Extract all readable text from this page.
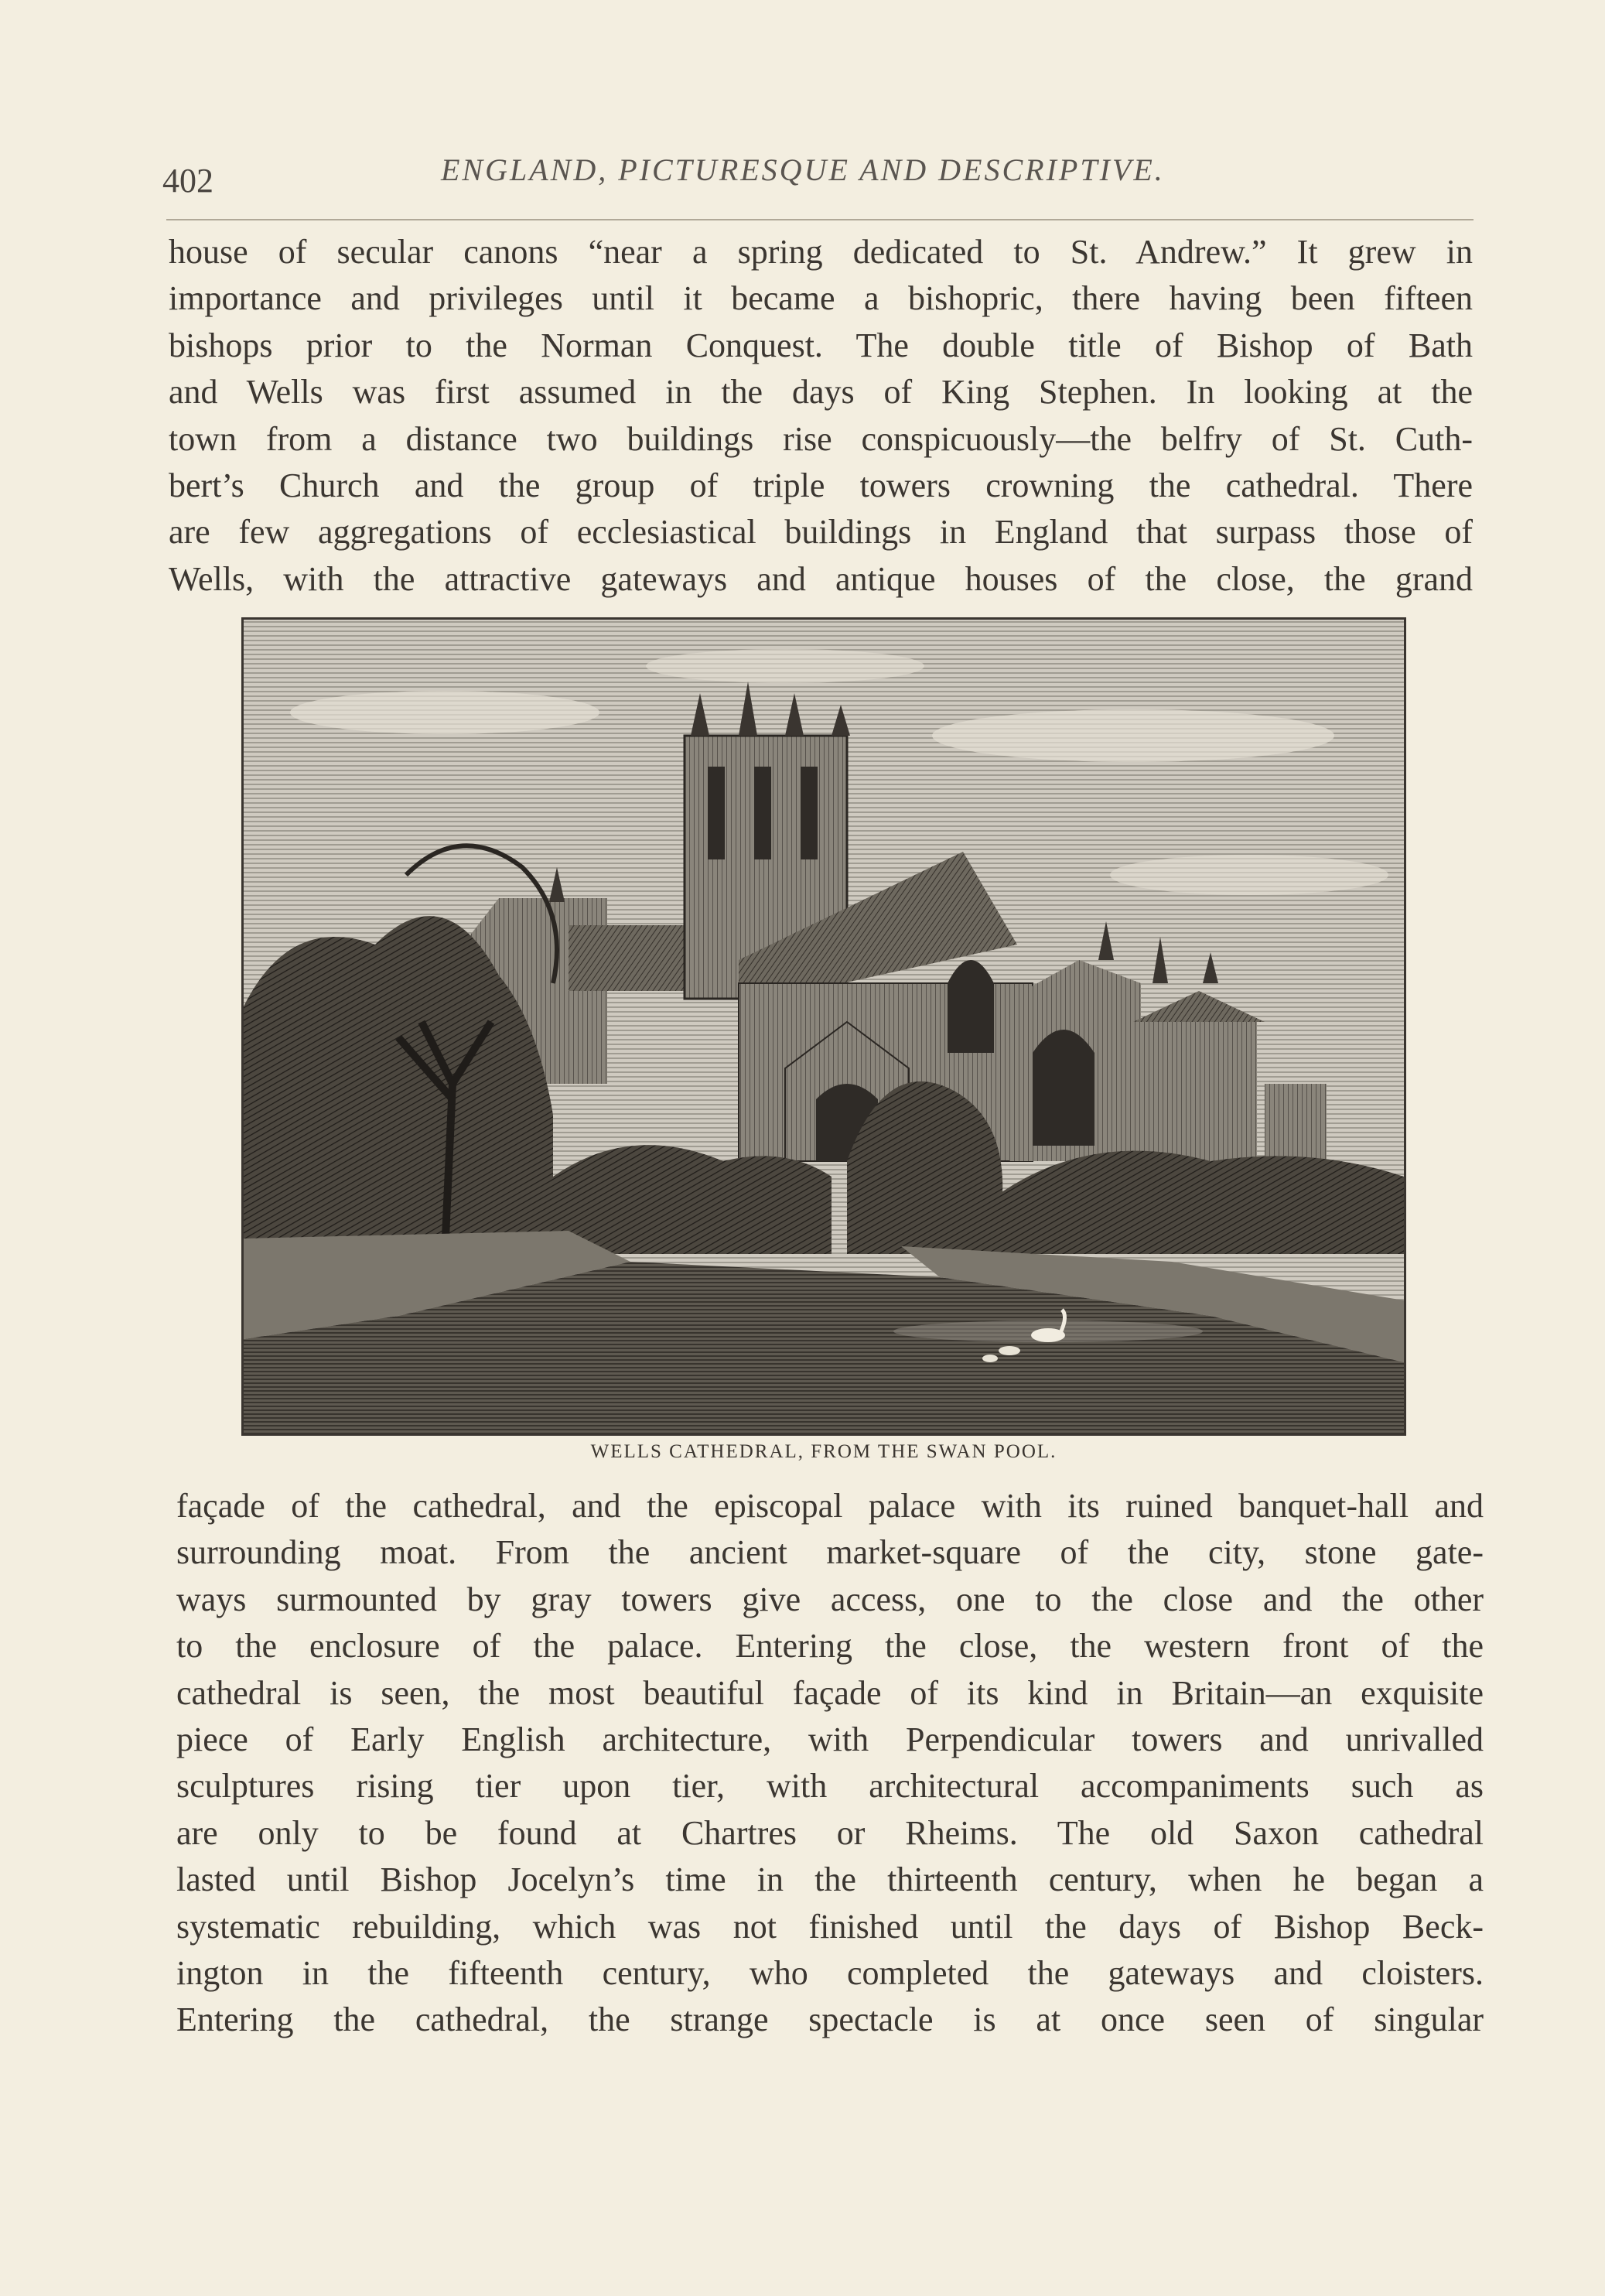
402	ENGLAND, PICTURESQUE AND DESCRIPTIVE.
house of secular canons “near a spring dedicated to St. Andrew.” It grew in
importance and privileges until it became a bishopric, there having been fifteen
bishops prior to the Norman Conquest. The double title of Bishop of Bath
and Wells was first assumed in the days of King Stephen. In looking at the
town from a distance two buildings rise conspicuously—the belfry of St. Cuth-
bert’s Church and the group of triple towers crowning the cathedral. There
are few aggregations of ecclesiastical buildings in England that surpass those of
Wells, with the attractive gateways and antique houses of the close, the grand
WELLS CATHEDRAL, FROM THE SWAN POOL.
façade of the cathedral, and the episcopal palace with its ruined banquet-hall and
surrounding moat. From the ancient market-square of the city, stone gate-
ways surmounted by gray towers give access, one to the close and the other
to the enclosure of the palace. Entering the close, the western front of the
cathedral is seen, the most beautiful façade of its kind in Britain—an exquisite
piece of Early English architecture, with Perpendicular towers and unrivalled
sculptures rising tier upon tier, with architectural accompaniments such as
are only to be found at Chartres or Rheims. The old Saxon cathedral
lasted until Bishop Jocelyn’s time in the thirteenth century, when he began a
systematic rebuilding, which was not finished until the days of Bishop Beck-
ington in the fifteenth century, who completed the gateways and cloisters.
Entering the cathedral, the strange spectacle is at once seen of singular
